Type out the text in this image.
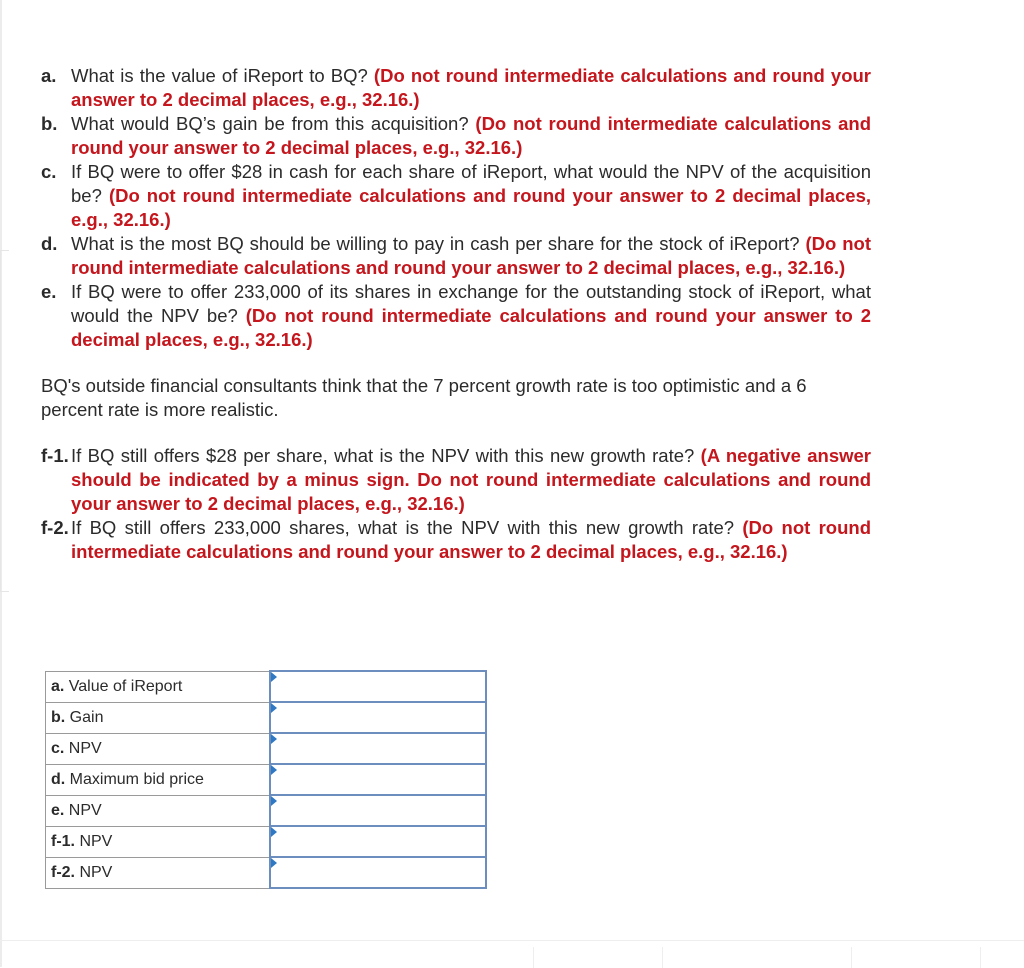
a. What is the value of iReport to BQ? (Do not round intermediate calculations and round your answer to 2 decimal places, e.g., 32.16.)
b. What would BQ’s gain be from this acquisition? (Do not round intermediate calculations and round your answer to 2 decimal places, e.g., 32.16.)
c. If BQ were to offer $28 in cash for each share of iReport, what would the NPV of the acquisition be? (Do not round intermediate calculations and round your answer to 2 decimal places, e.g., 32.16.)
d. What is the most BQ should be willing to pay in cash per share for the stock of iReport? (Do not round intermediate calculations and round your answer to 2 decimal places, e.g., 32.16.)
e. If BQ were to offer 233,000 of its shares in exchange for the outstanding stock of iReport, what would the NPV be? (Do not round intermediate calculations and round your answer to 2 decimal places, e.g., 32.16.)
BQ's outside financial consultants think that the 7 percent growth rate is too optimistic and a 6 percent rate is more realistic.
f-1. If BQ still offers $28 per share, what is the NPV with this new growth rate? (A negative answer should be indicated by a minus sign. Do not round intermediate calculations and round your answer to 2 decimal places, e.g., 32.16.)
f-2. If BQ still offers 233,000 shares, what is the NPV with this new growth rate? (Do not round intermediate calculations and round your answer to 2 decimal places, e.g., 32.16.)
a. Value of iReport	

b. Gain	

c. NPV	

d. Maximum bid price	

e. NPV	

f-1. NPV	

f-2. NPV	
